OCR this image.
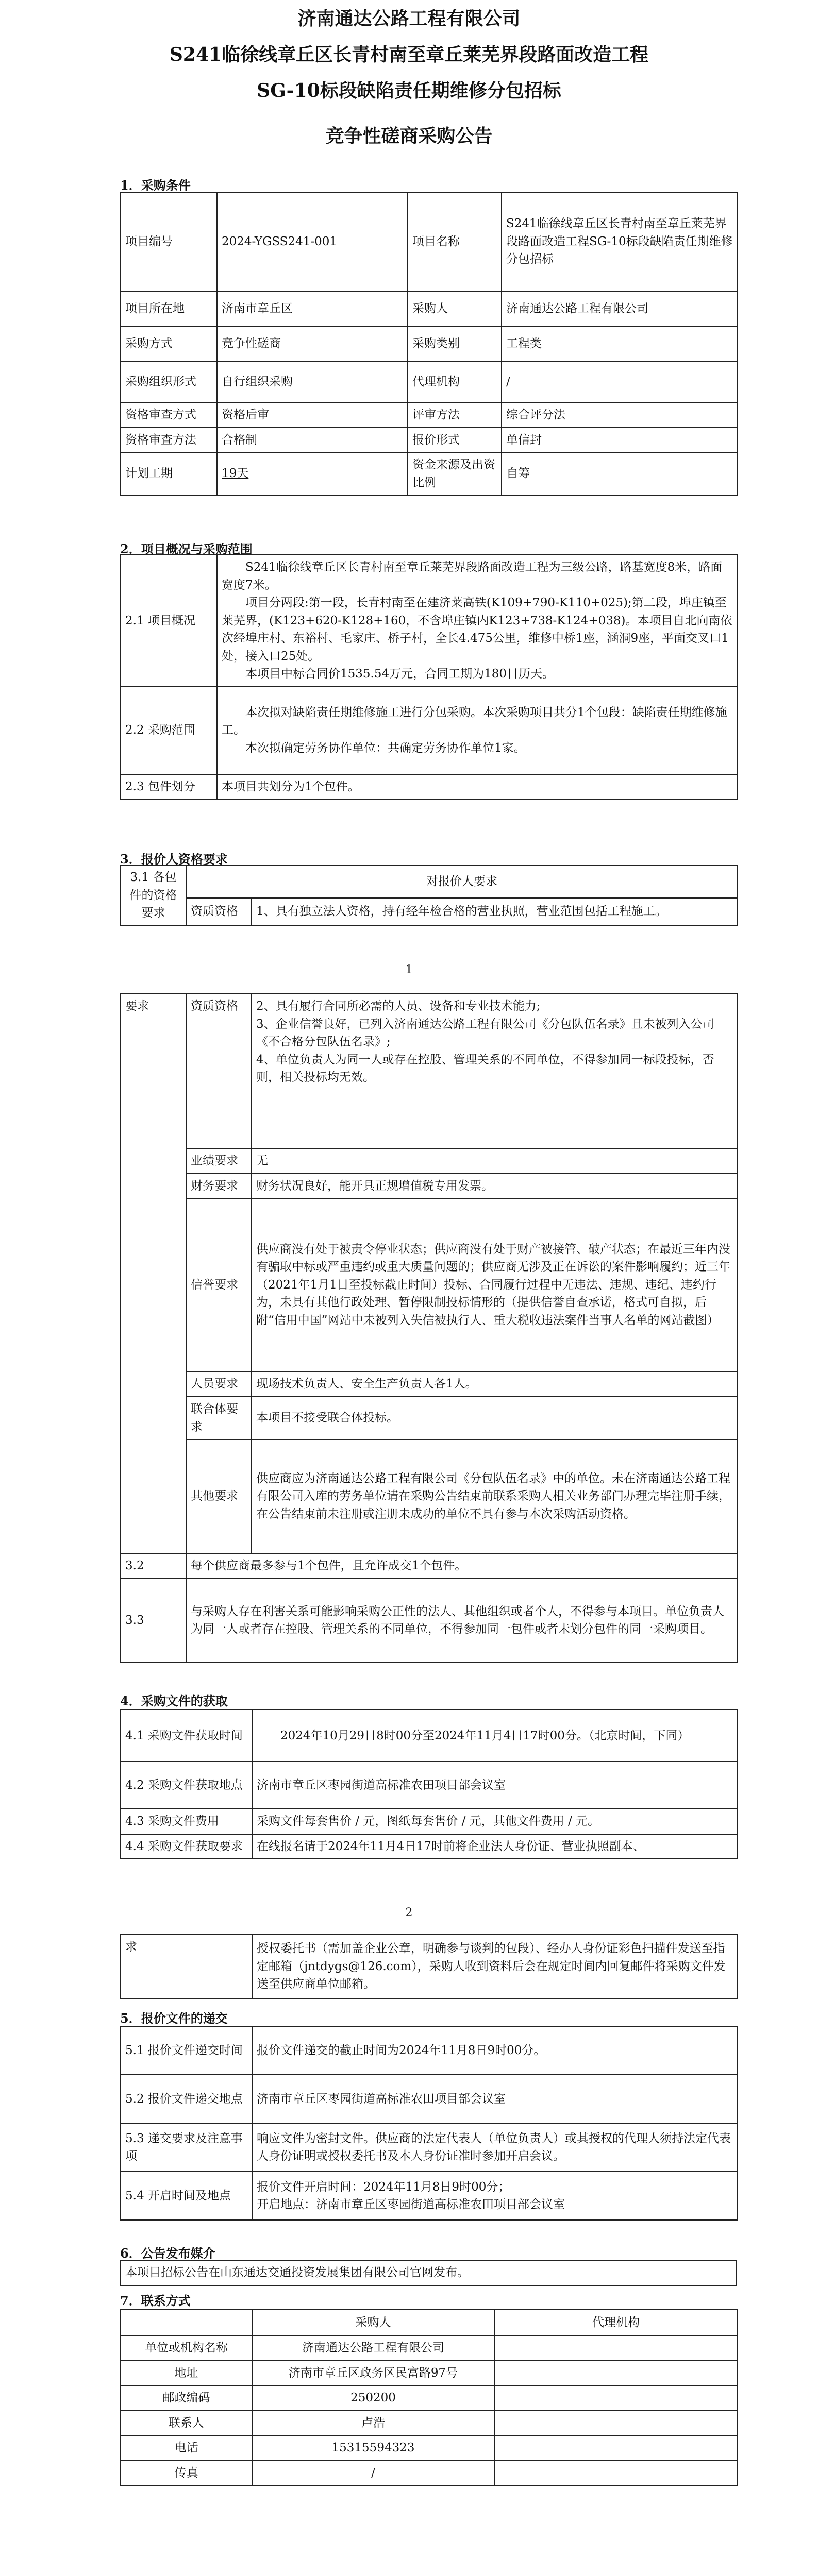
济南通达公路工程有限公司
S241临徐线章丘区长青村南至章丘莱芜界段路面改造工程
SG-10标段缺陷责任期维修分包招标
竞争性磋商采购公告
1．采购条件
项目编号	2024-YGSS241-001	项目名称	S241临徐线章丘区长青村南至章丘莱芜界段路面改造工程SG-10标段缺陷责任期维修分包招标
项目所在地	济南市章丘区	采购人	济南通达公路工程有限公司
采购方式	竞争性磋商	采购类别	工程类
采购组织形式	自行组织采购	代理机构	/
资格审查方式	资格后审	评审方法	综合评分法
资格审查方法	合格制	报价形式	单信封
计划工期	19天	资金来源及出资比例	自筹
2．项目概况与采购范围
2.1 项目概况	S241临徐线章丘区长青村南至章丘莱芜界段路面改造工程为三级公路，路基宽度8米，路面宽度7米。
项目分两段:第一段，长青村南至在建济莱高铁(K109+790-K110+025);第二段，埠庄镇至莱芜界，(K123+620-K128+160，不含埠庄镇内K123+738-K124+038)。本项目自北向南依次经埠庄村、东裕村、毛家庄、桥子村，全长4.475公里，维修中桥1座，涵洞9座，平面交叉口1处，接入口25处。
本项目中标合同价1535.54万元，合同工期为180日历天。

2.2 采购范围	本次拟对缺陷责任期维修施工进行分包采购。本次采购项目共分1个包段：缺陷责任期维修施工。
本次拟确定劳务协作单位：共确定劳务协作单位1家。

2.3 包件划分	本项目共划分为1个包件。
3．报价人资格要求
3.1 各包件的资格要求	对报价人要求	
	资质资格	1、具有独立法人资格，持有经年检合格的营业执照，营业范围包括工程施工。
1
要求	资质资格	2、具有履行合同所必需的人员、设备和专业技术能力;
3、企业信誉良好，已列入济南通达公路工程有限公司《分包队伍名录》且未被列入公司《不合格分包队伍名录》;
4、单位负责人为同一人或存在控股、管理关系的不同单位，不得参加同一标段投标，否则，相关投标均无效。
	业绩要求	无
	财务要求	财务状况良好，能开具正规增值税专用发票。
	信誉要求	供应商没有处于被责令停业状态；供应商没有处于财产被接管、破产状态；在最近三年内没有骗取中标或严重违约或重大质量问题的；供应商无涉及正在诉讼的案件影响履约；近三年（2021年1月1日至投标截止时间）投标、合同履行过程中无违法、违规、违纪、违约行为，未具有其他行政处理、暂停限制投标情形的（提供信誉自查承诺，格式可自拟，后附“信用中国”网站中未被列入失信被执行人、重大税收违法案件当事人名单的网站截图）
	人员要求	现场技术负责人、安全生产负责人各1人。
	联合体要求	本项目不接受联合体投标。
	其他要求	供应商应为济南通达公路工程有限公司《分包队伍名录》中的单位。未在济南通达公路工程有限公司入库的劳务单位请在采购公告结束前联系采购人相关业务部门办理完毕注册手续，在公告结束前未注册或注册未成功的单位不具有参与本次采购活动资格。

3.2	每个供应商最多参与1个包件，且允许成交1个包件。	
3.3	与采购人存在利害关系可能影响采购公正性的法人、其他组织或者个人，不得参与本项目。单位负责人为同一人或者存在控股、管理关系的不同单位，不得参加同一包件或者未划分包件的同一采购项目。	
4．采购文件的获取
4.1 采购文件获取时间	2024年10月29日8时00分至2024年11月4日17时00分。（北京时间，下同）
4.2 采购文件获取地点	济南市章丘区枣园街道高标准农田项目部会议室
4.3 采购文件费用	采购文件每套售价 / 元，图纸每套售价 / 元，其他文件费用 / 元。
4.4 采购文件获取要求	在线报名请于2024年11月4日17时前将企业法人身份证、营业执照副本、
2
求	授权委托书（需加盖企业公章，明确参与谈判的包段）、经办人身份证彩色扫描件发送至指定邮箱（jntdygs@126.com），采购人收到资料后会在规定时间内回复邮件将采购文件发送至供应商单位邮箱。
5．报价文件的递交
5.1 报价文件递交时间	报价文件递交的截止时间为2024年11月8日9时00分。
5.2 报价文件递交地点	济南市章丘区枣园街道高标准农田项目部会议室
5.3 递交要求及注意事项	响应文件为密封文件。供应商的法定代表人（单位负责人）或其授权的代理人须持法定代表人身份证明或授权委托书及本人身份证准时参加开启会议。
5.4 开启时间及地点	报价文件开启时间：2024年11月8日9时00分；
开启地点：济南市章丘区枣园街道高标准农田项目部会议室
6．公告发布媒介
本项目招标公告在山东通达交通投资发展集团有限公司官网发布。
7．联系方式
	采购人	代理机构
单位或机构名称	济南通达公路工程有限公司	
地址	济南市章丘区政务区民富路97号	
邮政编码	250200	
联系人	卢浩	
电话	15315594323	
传真	/	
